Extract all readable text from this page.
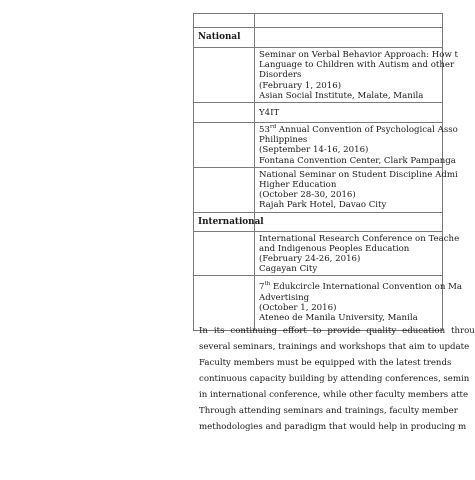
National	

	Seminar on Verbal Behavior Approach: How t
Language to Children with Autism and other
Disorders
(February 1, 2016)
Asian Social Institute, Malate, Manila

	Y4IT

	53rd Annual Convention of Psychological Asso
Philippines
(September 14-16, 2016)
Fontana Convention Center, Clark Pampanga

	National Seminar on Student Discipline Admi
Higher Education
(October 28-30, 2016)
Rajah Park Hotel, Davao City

International	

	International Research Conference on Teache
and Indigenous Peoples Education
(February 24-26, 2016)
Cagayan City

	7th Edukcircle International Convention on Ma
Advertising
(October 1, 2016)
Ateneo de Manila University, Manila
In its continuing effort to provide quality education throu
several seminars, trainings and workshops that aim to update
Faculty members must be equipped with the latest trends
continuous capacity building by attending conferences, semin
in international conference, while other faculty members atte
Through attending seminars and trainings, faculty member
methodologies and paradigm that would help in producing m
